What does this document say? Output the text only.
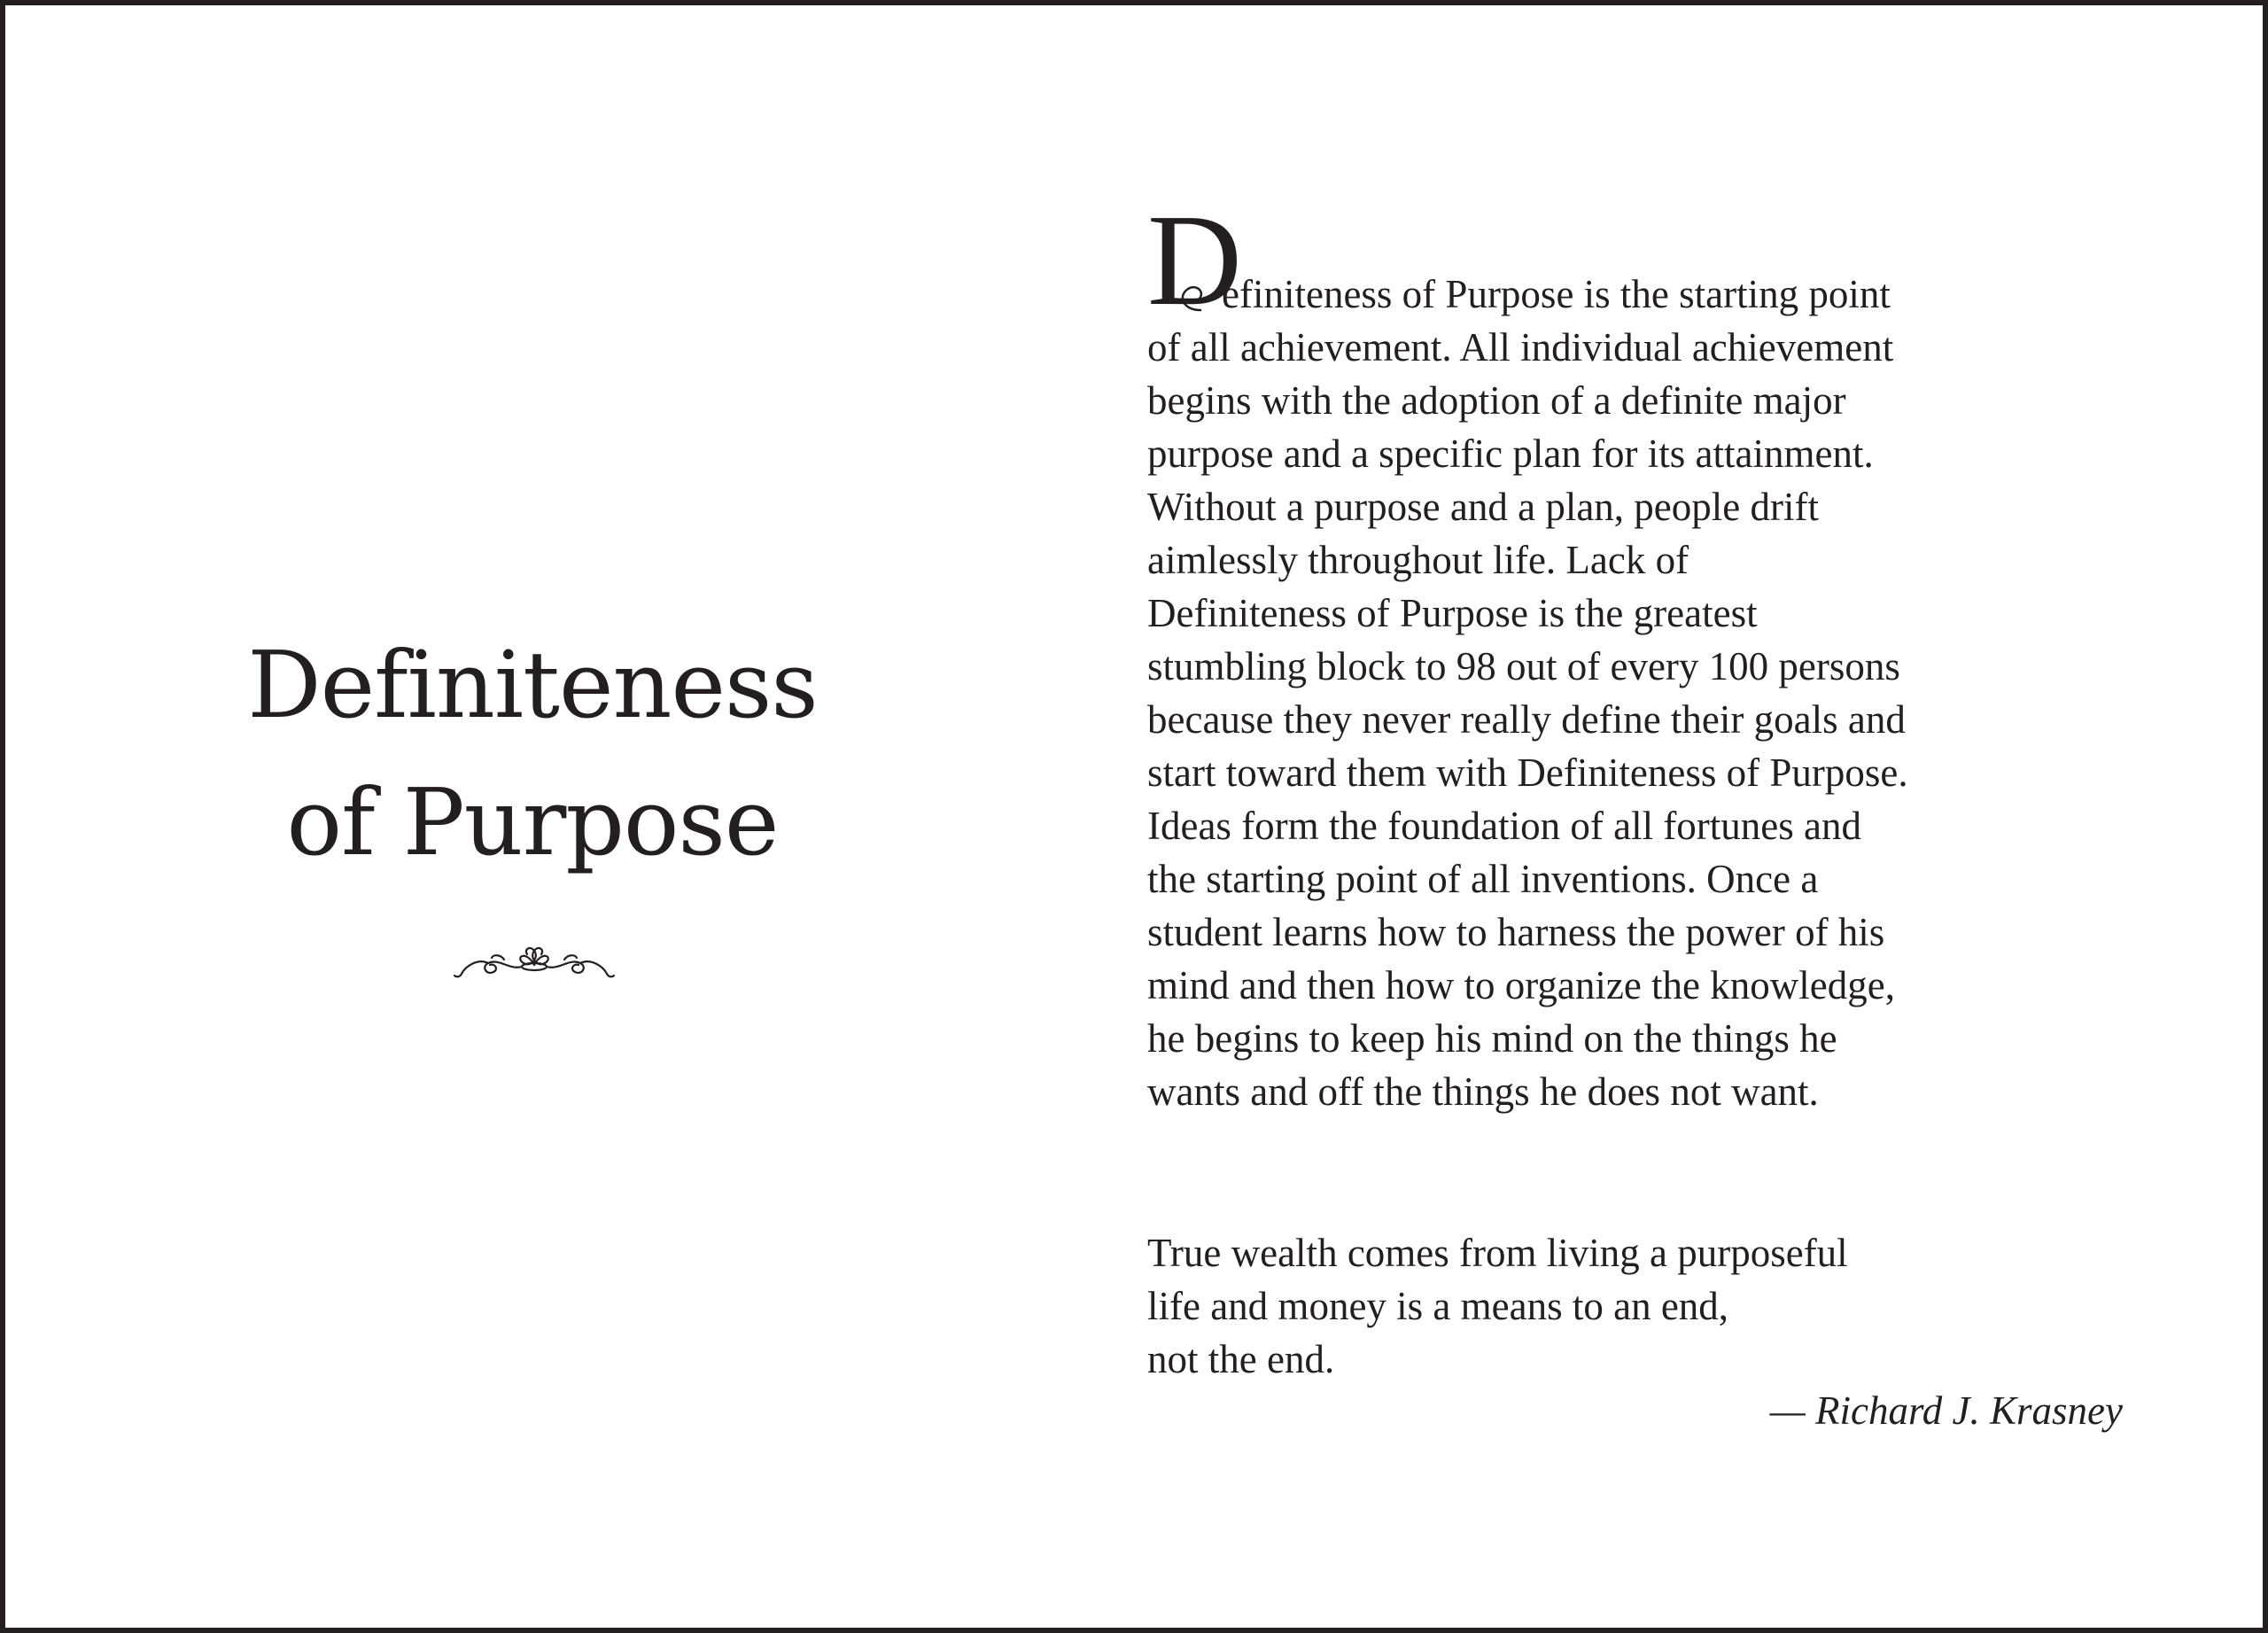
Definiteness
of Purpose
D
efiniteness of Purpose is the starting point
of all achievement. All individual achievement
begins with the adoption of a definite major
purpose and a specific plan for its attainment.
Without a purpose and a plan, people drift
aimlessly throughout life. Lack of
Definiteness of Purpose is the greatest
stumbling block to 98 out of every 100 persons
because they never really define their goals and
start toward them with Definiteness of Purpose.
Ideas form the foundation of all fortunes and
the starting point of all inventions. Once a
student learns how to harness the power of his
mind and then how to organize the knowledge,
he begins to keep his mind on the things he
wants and off the things he does not want.
True wealth comes from living a purposeful
life and money is a means to an end,
not the end.
— Richard J. Krasney
